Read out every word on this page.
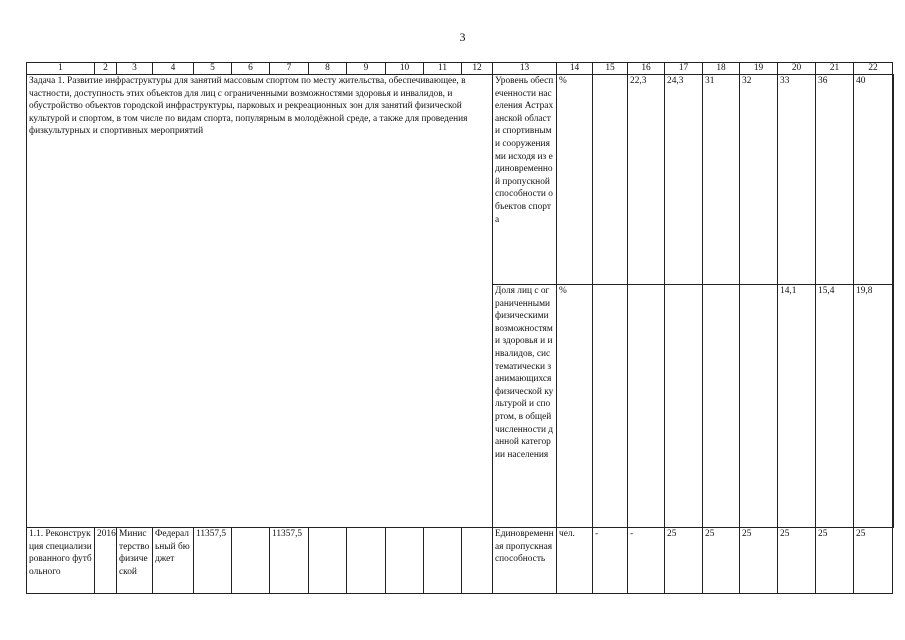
3
1	2	3	4	5	6	7	8	9	10	11	12	13	14	15	16	17	18	19	20	21	22	
Задача 1. Развитие инфраструктуры для занятий массовым спортом по месту жительства, обеспечивающее, в частности, доступность этих объектов для лиц с ограниченными возможностями здоровья и инвалидов, и обустройство объектов городской инфраструктуры, парковых и рекреационных зон для занятий физической культурой и спортом, в том числе по видам спорта, популярным в молодёжной среде, а также для проведения физкультурных и спортивных мероприятий												Уровень обеспеченности населения Астраханской области спортивными сооружениями исходя из единовременной пропускной способности объектов спорта	%		22,3	24,3	31	32	33	36	40	
												Доля лиц с ограниченными физическими возможностями здоровья и инвалидов, систематически занимающихся физической культурой и спортом, в общей численности данной категории населения	%						14,1	15,4	19,8	
1.1. Реконструкция специализированного футбольного	2016	Министерство физической	Федеральный бюджет	11357,5		11357,5						Единовременная пропускная способность	чел.	-	-	25	25	25	25	25	25	
